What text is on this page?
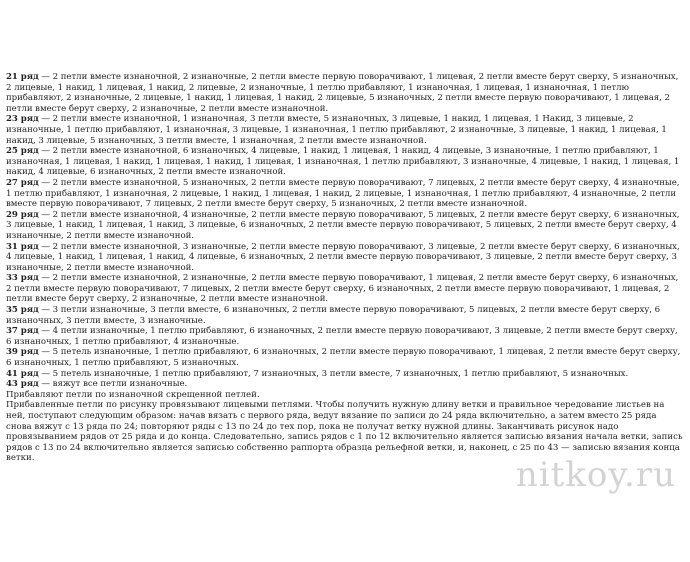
21 ряд — 2 петли вместе изнаночной, 2 изнаночные, 2 петли вместе первую поворачивают, 1 лицевая, 2 петли вместе берут сверху, 5 изнаночных, 2 лицевые, 1 накид, 1 лицевая, 1 накид, 2 лицевые, 2 изнаночные, 1 петлю прибавляют, 1 изнаночная, 1 лицевая, 1 изнаночная, 1 петлю прибавляют, 2 изнаночные, 2 лицевые, 1 накид, 1 лицевая, 1 накид, 2 лицевые, 5 изнаночных, 2 петли вместе первую поворачивают, 1 лицевая, 2 петли вместе берут сверху, 2 изнаночные, 2 петли вместе изнаночной.

23 ряд — 2 петли вместе изнаночной, 1 изнаночная, 3 петли вместе, 5 изнаночных, 3 лицевые, 1 накид, 1 лицевая, 1 Накид, 3 лицевые, 2 изнаночные, 1 петлю прибавляют, 1 изнаночная, 3 лицевые, 1 изнаночная, 1 петлю прибавляют, 2 изнаночные, 3 лицевые, 1 накид, 1 лицевая, 1 накид, 3 лицевые, 5 изнаночных, 3 петли вместе, 1 изнаночная, 2 петли вместе изнаночной.

25 ряд — 2 петли вместе изнаночной, 6 изнаночных, 4 лицевые, 1 накид, 1 лицевая, 1 накид, 4 лицевые, 3 изнаночные, 1 петлю прибавляют, 1 изнаночная, 1 лицевая, 1 накид, 1 лицевая, 1 накид, 1 лицевая, 1 изнаночная, 1 петлю прибавляют, 3 изнаночные, 4 лицевые, 1 накид, 1 лицевая, 1 накид, 4 лицевые, 6 изнаночных, 2 петли вместе изнаночной.

27 ряд — 2 петли вместе изнаночной, 5 изнаночных, 2 петли вместе первую поворачивают, 7 лицевых, 2 петли вместе берут сверху, 4 изнаночные, 1 петлю прибавляют, 1 изнаночная, 2 лицевые, 1 накид, 1 лицевая, 1 накид, 2 лицевые, 1 изнаночная, 1 петлю прибавляют, 4 изнаночные, 2 петли вместе первую поворачивают, 7 лицевых, 2 петли вместе берут сверху, 5 изнаночных, 2 петли вместе изнаночной.

29 ряд — 2 петли вместе изнаночной, 4 изнаночные, 2 петли вместе первую поворачивают, 5 лицевых, 2 петли вместе берут сверху, 6 изнаночных, 3 лицевые, 1 накид, 1 лицевая, 1 накид, 3 лицевые, 6 изнаночных, 2 петли вместе первую поворачивают, 5 лицевых, 2 петли вместе берут сверху, 4 изнаночные, 2 петли вместе изнаночной.

31 ряд — 2 петли вместе изнаночной, 3 изнаночные, 2 петли вместе первую поворачивают, 3 лицевые, 2 петли вместе берут сверху, 6 изнаночных, 4 лицевые, 1 накид, 1 лицевая, 1 накид, 4 лицевые, 6 изнаночных, 2 петли вместе первую поворачивают, 3 лицевые, 2 петли вместе берут сверху, 3 изнаночные, 2 петли вместе изнаночной.

33 ряд — 2 петли вместе изнаночной, 2 изнаночные, 2 петли вместе первую поворачивают, 1 лицевая, 2 петли вместе берут сверху, 6 изнаночных, 2 петли вместе первую поворачивают, 7 лицевых, 2 петли вместе берут сверху, 6 изнаночных, 2 петли вместе первую поворачивают, 1 лицевая, 2 петли вместе берут сверху, 2 изнаночные, 2 петли вместе изнаночной.

35 ряд — 3 петли изнаночные, 3 петли вместе, 6 изнаночных, 2 петли вместе первую поворачивают, 5 лицевых, 2 петли вместе берут сверху, 6 изнаночных, 3 петли вместе, 3 изнаночные.

37 ряд — 4 петли изнаночные, 1 петлю прибавляют, 6 изнаночных, 2 петли вместе первую поворачивают, 3 лицевые, 2 петли вместе берут сверху, 6 изнаночных, 1 петлю прибавляют, 4 изнаночные.

39 ряд — 5 петель изнаночные, 1 петлю прибавляют, 6 изнаночных, 2 петли вместе первую поворачивают, 1 лицевая, 2 петли вместе берут сверху, 6 изнаночных, 1 петлю прибавляют, 5 изнаночных.

41 ряд — 5 петель изнаночные, 1 петлю прибавляют, 7 изнаночных, 3 петли вместе, 7 изнаночных, 1 петлю прибавляют, 5 изнаночных.

43 ряд — вяжут все петли изнаночные.

Прибавляют петли по изнаночной скрещенной петлей.

Прибавленные петли по рисунку провязывают лицевыми петлями. Чтобы получить нужную длину ветки и правильное чередование листьев на ней, поступают следующим образом: начав вязать с первого ряда, ведут вязание по записи до 24 ряда включительно, а затем вместо 25 ряда снова вяжут с 13 ряда по 24; повторяют ряды с 13 по 24 до тех пор, пока не получат ветку нужной длины. Заканчивать рисунок надо провязыванием рядов от 25 ряда и до конца. Следовательно, запись рядов с 1 по 12 включительно является записью вязания начала ветки, запись рядов с 13 по 24 включительно является записью собственно раппорта образца рельефной ветки, и, наконец, с 25 по 43 — записью вязания конца ветки.	nitkoy.ru
